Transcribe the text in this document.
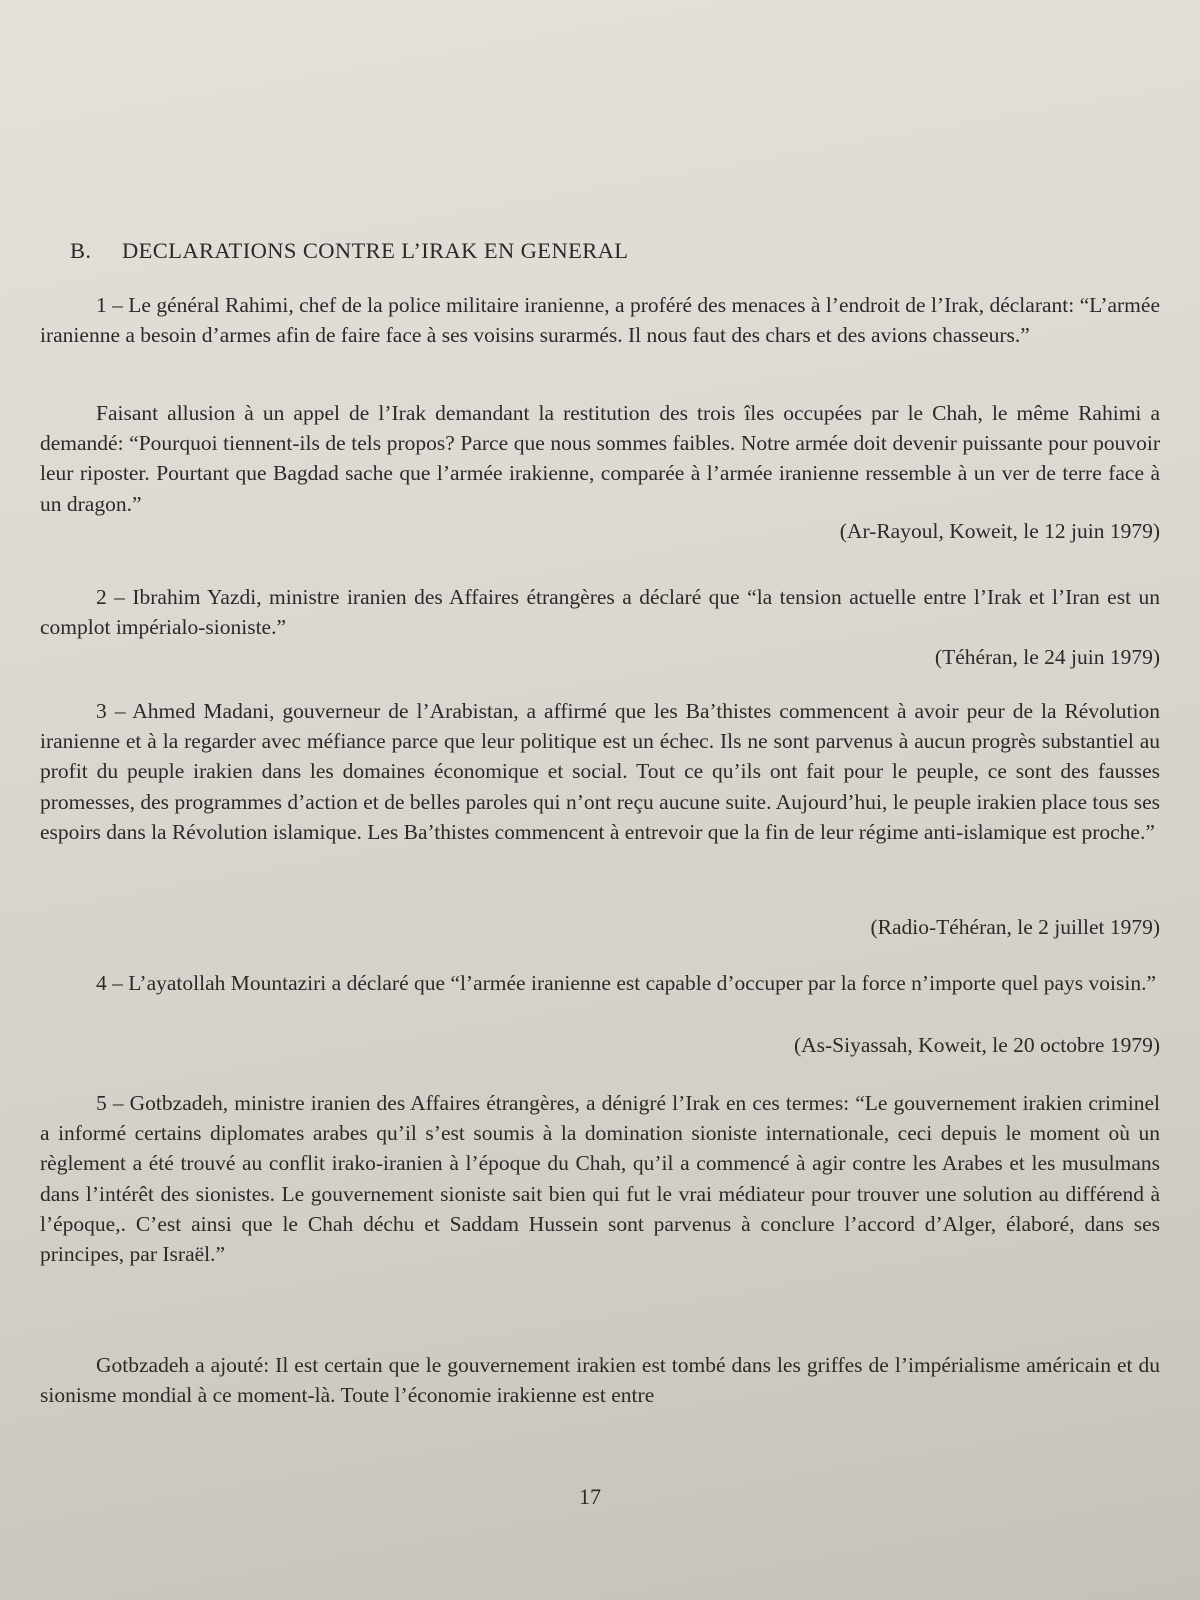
B. DECLARATIONS CONTRE L’IRAK EN GENERAL

1 – Le général Rahimi, chef de la police militaire iranienne, a proféré des menaces à l’endroit de l’Irak, déclarant: “L’armée iranienne a besoin d’armes afin de faire face à ses voisins surarmés. Il nous faut des chars et des avions chasseurs.”

Faisant allusion à un appel de l’Irak demandant la restitution des trois îles occupées par le Chah, le même Rahimi a demandé: “Pourquoi tiennent-ils de tels propos? Parce que nous sommes faibles. Notre armée doit devenir puissante pour pouvoir leur riposter. Pourtant que Bagdad sache que l’armée irakienne, comparée à l’armée iranienne ressemble à un ver de terre face à un dragon.”

(Ar-Rayoul, Koweit, le 12 juin 1979)

2 – Ibrahim Yazdi, ministre iranien des Affaires étrangères a déclaré que “la tension actuelle entre l’Irak et l’Iran est un complot impérialo-sioniste.”

(Téhéran, le 24 juin 1979)

3 – Ahmed Madani, gouverneur de l’Arabistan, a affirmé que les Ba’thistes commencent à avoir peur de la Révolution iranienne et à la regarder avec méfiance parce que leur politique est un échec. Ils ne sont parvenus à aucun progrès substantiel au profit du peuple irakien dans les domaines économique et social. Tout ce qu’ils ont fait pour le peuple, ce sont des fausses promesses, des programmes d’action et de belles paroles qui n’ont reçu aucune suite. Aujourd’hui, le peuple irakien place tous ses espoirs dans la Révolution islamique. Les Ba’thistes commencent à entrevoir que la fin de leur régime anti-islamique est proche.”

(Radio-Téhéran, le 2 juillet 1979)

4 – L’ayatollah Mountaziri a déclaré que “l’armée iranienne est capable d’occuper par la force n’importe quel pays voisin.”

(As-Siyassah, Koweit, le 20 octobre 1979)

5 – Gotbzadeh, ministre iranien des Affaires étrangères, a dénigré l’Irak en ces termes: “Le gouvernement irakien criminel a informé certains diplomates arabes qu’il s’est soumis à la domination sioniste internationale, ceci depuis le moment où un règlement a été trouvé au conflit irako-iranien à l’époque du Chah, qu’il a commencé à agir contre les Arabes et les musulmans dans l’intérêt des sionistes. Le gouvernement sioniste sait bien qui fut le vrai médiateur pour trouver une solution au différend à l’époque,. C’est ainsi que le Chah déchu et Saddam Hussein sont parvenus à conclure l’accord d’Alger, élaboré, dans ses principes, par Israël.”

Gotbzadeh a ajouté: Il est certain que le gouvernement irakien est tombé dans les griffes de l’impérialisme américain et du sionisme mondial à ce moment-là. Toute l’économie irakienne est entre

17
